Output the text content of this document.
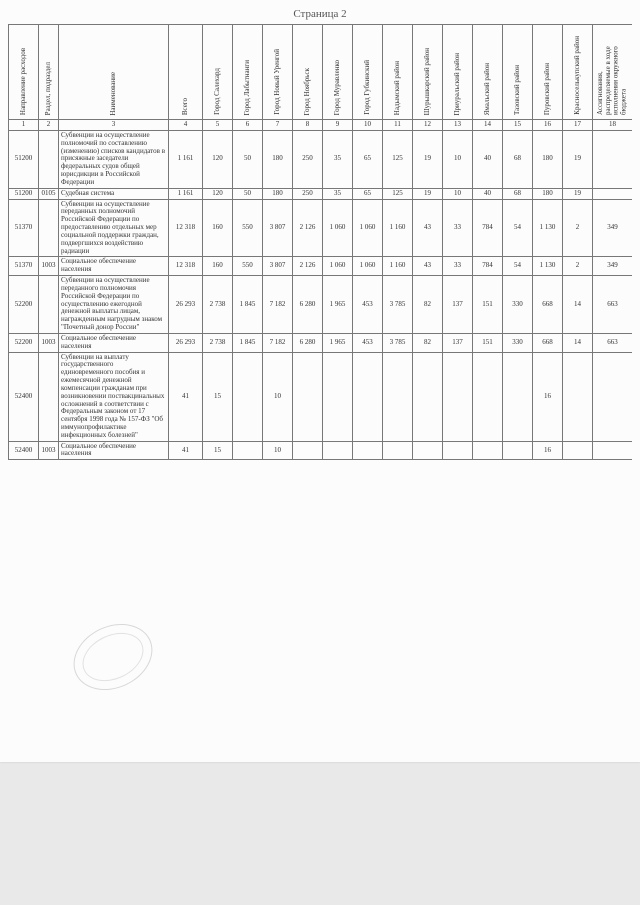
Страница 2
Направление расходов	Раздел, подраздел	Наименование	Всего	Город Салехард	Город Лабытнанги	Город Новый Уренгой	Город Ноябрьск	Город Муравленко	Город Губкинский	Надымский район	Шурышкарский район	Приуральский район	Ямальский район	Тазовский район	Пуровский район	Красноселькупский район	Ассигнования, распределяемые в ходе исполнения окружного бюджета
1	2	3	4	5	6	7	8	9	10	11	12	13	14	15	16	17	18
51200		Субвенции на осуществление полномочий по составлению (изменению) списков кандидатов в присяжные заседатели федеральных судов общей юрисдикции в Российской Федерации	1 161	120	50	180	250	35	65	125	19	10	40	68	180	19	
51200	0105	Судебная система	1 161	120	50	180	250	35	65	125	19	10	40	68	180	19	
51370		Субвенции на осуществление переданных полномочий Российской Федерации по предоставлению отдельных мер социальной поддержки граждан, подвергшихся воздействию радиации	12 318	160	550	3 807	2 126	1 060	1 060	1 160	43	33	784	54	1 130	2	349
51370	1003	Социальное обеспечение населения	12 318	160	550	3 807	2 126	1 060	1 060	1 160	43	33	784	54	1 130	2	349
52200		Субвенции на осуществление переданного полномочия Российской Федерации по осуществлению ежегодной денежной выплаты лицам, награжденным нагрудным знаком "Почетный донор России"	26 293	2 738	1 845	7 182	6 280	1 965	453	3 785	82	137	151	330	668	14	663
52200	1003	Социальное обеспечение населения	26 293	2 738	1 845	7 182	6 280	1 965	453	3 785	82	137	151	330	668	14	663
52400		Субвенции на выплату государственного единовременного пособия и ежемесячной денежной компенсации гражданам при возникновении поствакцинальных осложнений в соответствии с Федеральным законом от 17 сентября 1998 года № 157-ФЗ "Об иммунопрофилактике инфекционных болезней"	41	15		10									16		
52400	1003	Социальное обеспечение населения	41	15		10									16		
